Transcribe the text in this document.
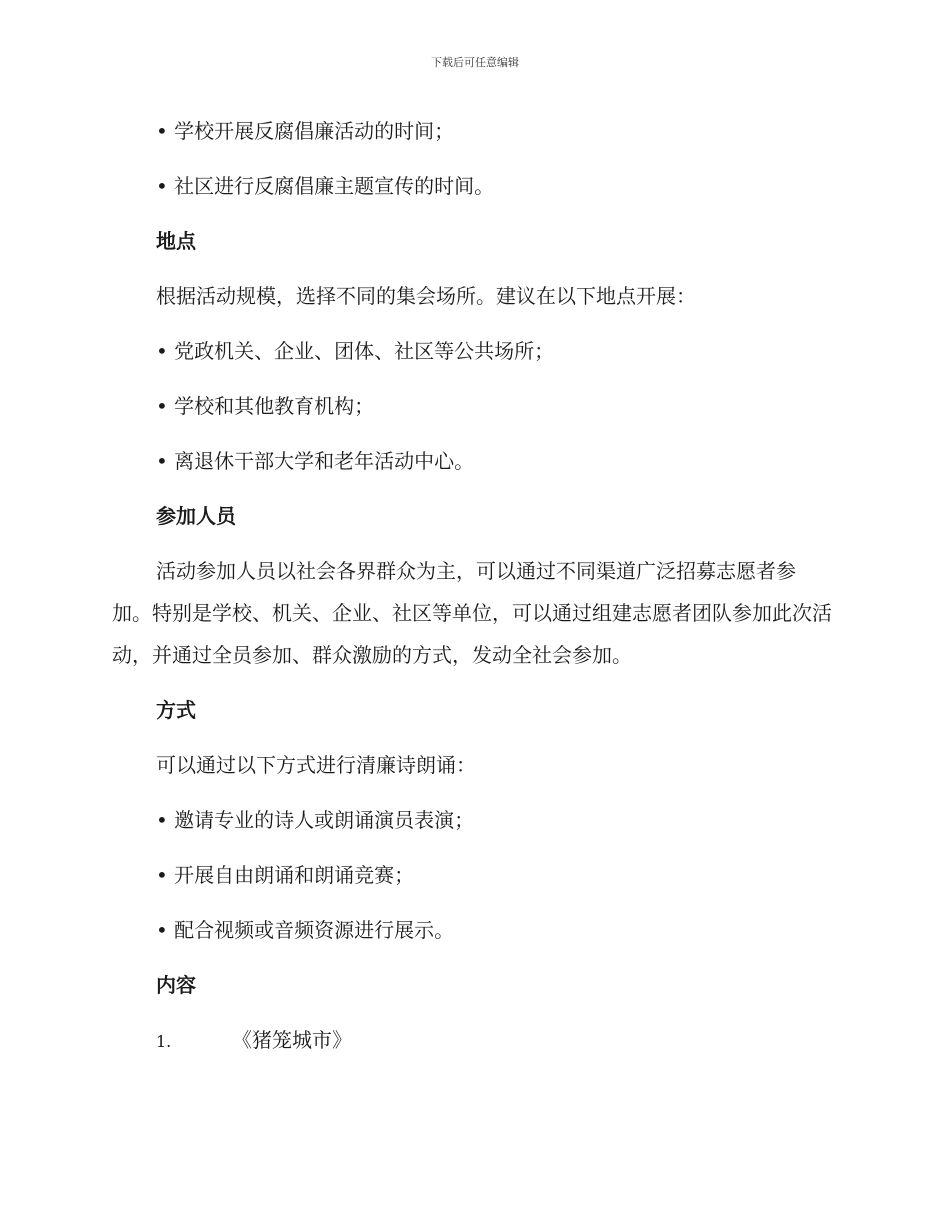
下载后可任意编辑
• 学校开展反腐倡廉活动的时间；
• 社区进行反腐倡廉主题宣传的时间。
地点
根据活动规模，选择不同的集会场所。建议在以下地点开展：
• 党政机关、企业、团体、社区等公共场所；
• 学校和其他教育机构；
• 离退休干部大学和老年活动中心。
参加人员
活动参加人员以社会各界群众为主，可以通过不同渠道广泛招募志愿者参加。特别是学校、机关、企业、社区等单位，可以通过组建志愿者团队参加此次活动，并通过全员参加、群众激励的方式，发动全社会参加。
方式
可以通过以下方式进行清廉诗朗诵：
• 邀请专业的诗人或朗诵演员表演；
• 开展自由朗诵和朗诵竞赛；
• 配合视频或音频资源进行展示。
内容
1.	《猪笼城市》
